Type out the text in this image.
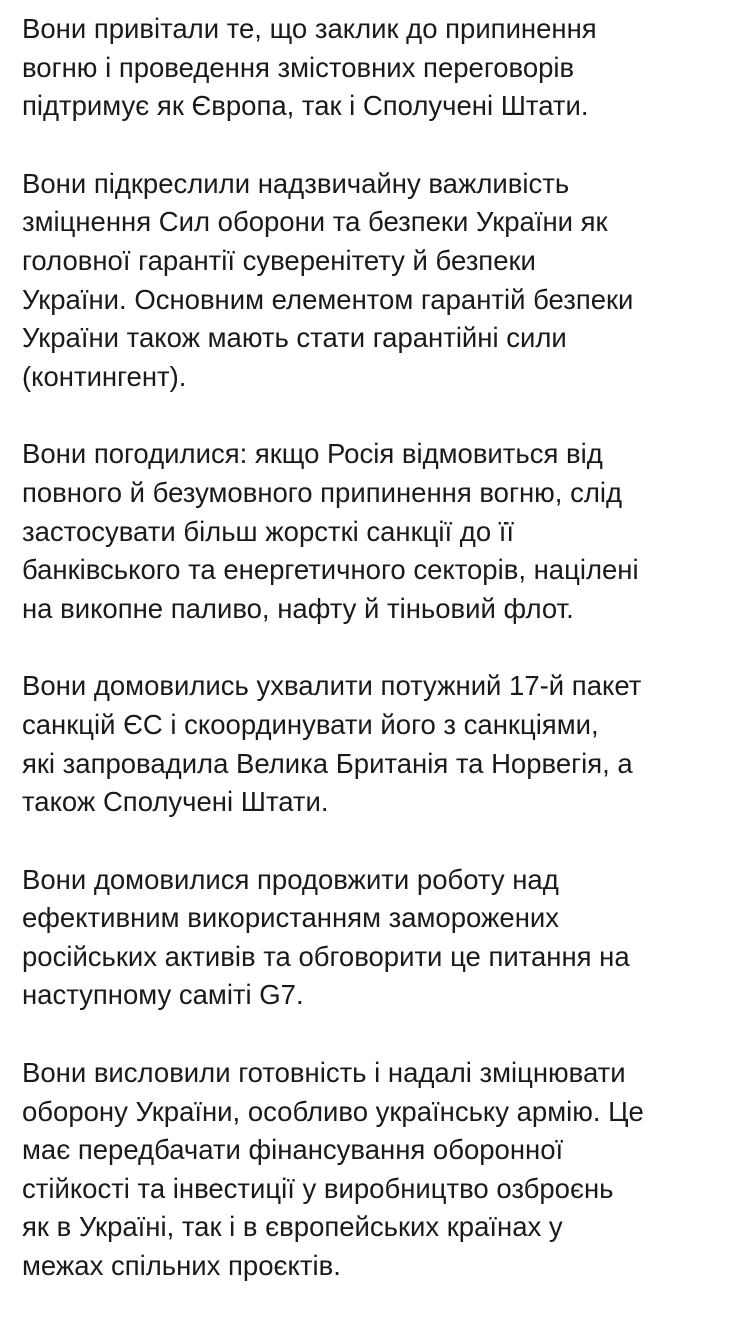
Вони привітали те, що заклик до припинення
вогню і проведення змістовних переговорів
підтримує як Європа, так і Сполучені Штати.

Вони підкреслили надзвичайну важливість
зміцнення Сил оборони та безпеки України як
головної гарантії суверенітету й безпеки
України. Основним елементом гарантій безпеки
України також мають стати гарантійні сили
(контингент).

Вони погодилися: якщо Росія відмовиться від
повного й безумовного припинення вогню, слід
застосувати більш жорсткі санкції до її
банківського та енергетичного секторів, націлені
на викопне паливо, нафту й тіньовий флот.

Вони домовились ухвалити потужний 17-й пакет
санкцій ЄС і скоординувати його з санкціями,
які запровадила Велика Британія та Норвегія, а
також Сполучені Штати.

Вони домовилися продовжити роботу над
ефективним використанням заморожених
російських активів та обговорити це питання на
наступному саміті G7.

Вони висловили готовність і надалі зміцнювати
оборону України, особливо українську армію. Це
має передбачати фінансування оборонної
стійкості та інвестиції у виробництво озброєнь
як в Україні, так і в європейських країнах у
межах спільних проєктів.
